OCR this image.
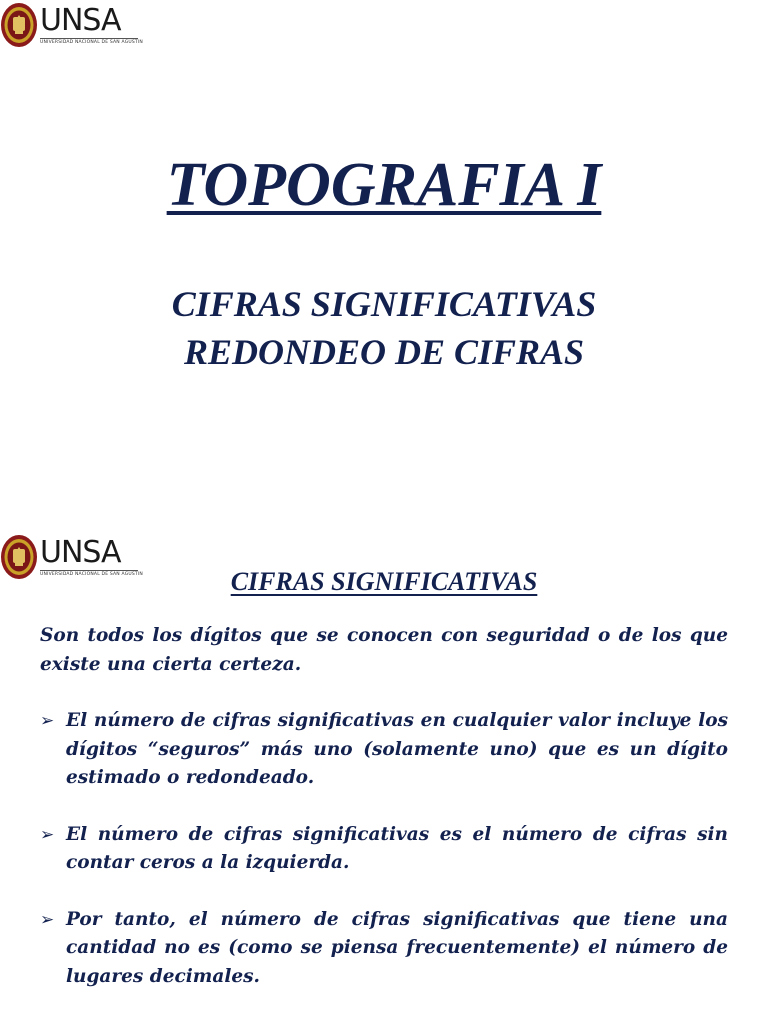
UNSA
UNIVERSIDAD NACIONAL DE SAN AGUSTIN
TOPOGRAFIA I
CIFRAS SIGNIFICATIVAS
REDONDEO DE CIFRAS
UNSA
UNIVERSIDAD NACIONAL DE SAN AGUSTIN	CIFRAS SIGNIFICATIVAS

Son todos los dígitos que se conocen con seguridad o de los que existe una cierta certeza.

➢ El número de cifras significativas en cualquier valor incluye los dígitos “seguros” más uno (solamente uno) que es un dígito estimado o redondeado.
➢ El número de cifras significativas es el número de cifras sin contar ceros a la izquierda.
➢ Por tanto, el número de cifras significativas que tiene una cantidad no es (como se piensa frecuentemente) el número de lugares decimales.
